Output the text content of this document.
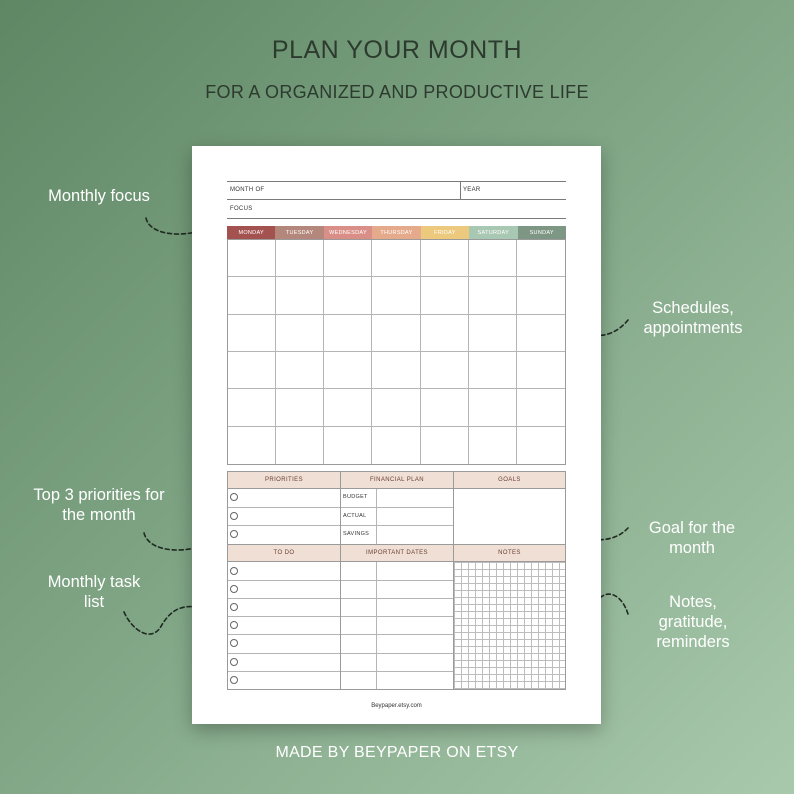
PLAN YOUR MONTH
FOR A ORGANIZED AND PRODUCTIVE LIFE
Monthly focus
Schedules, appointments
Top 3 priorities for the month
Goal for the month
Monthly task list	Notes, gratitude, reminders
MONTH OF	YEAR
FOCUS
MONDAY	TUESDAY	WEDNESDAY	THURSDAY	FRIDAY	SATURDAY	SUNDAY
PRIORITIES	FINANCIAL PLAN	GOALS
BUDGET
ACTUAL
SAVINGS
TO DO	IMPORTANT DATES	NOTES
Beypaper.etsy.com
MADE BY BEYPAPER ON ETSY
